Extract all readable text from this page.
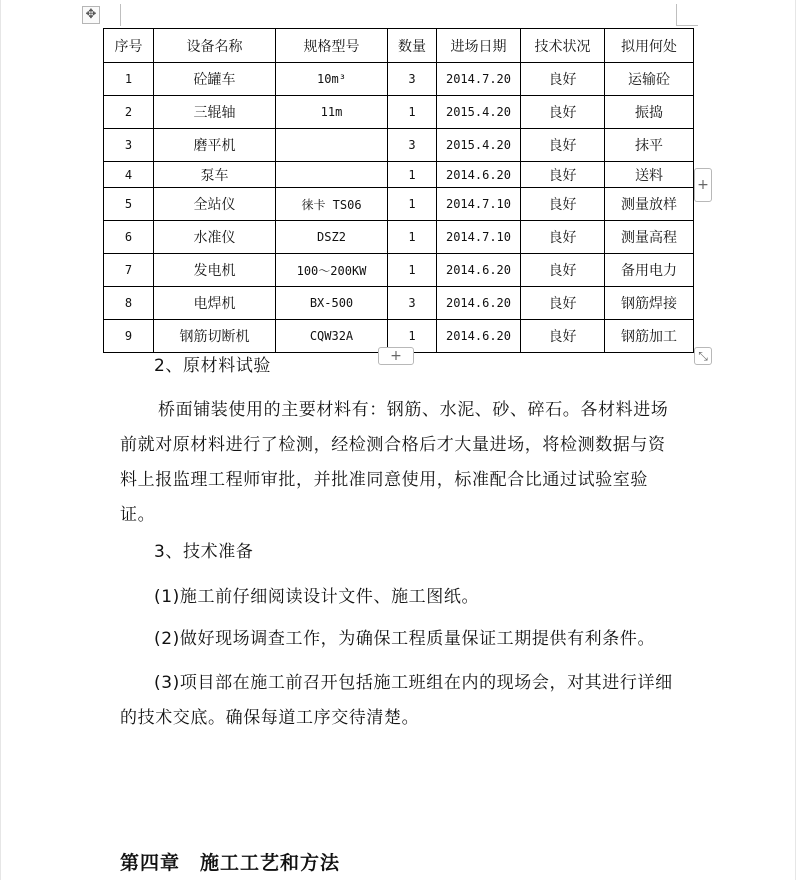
✥
序号	设备名称	规格型号	数量	进场日期	技术状况	拟用何处
1	砼罐车	10m³	3	2014.7.20	良好	运输砼
2	三辊轴	11m	1	2015.4.20	良好	振捣
3	磨平机		3	2015.4.20	良好	抹平
4	泵车		1	2014.6.20	良好	送料
5	全站仪	徕卡 TS06	1	2014.7.10	良好	测量放样
6	水准仪	DSZ2	1	2014.7.10	良好	测量高程
7	发电机	100～200KW	1	2014.6.20	良好	备用电力
8	电焊机	BX-500	3	2014.6.20	良好	钢筋焊接
9	钢筋切断机	CQW32A	1	2014.6.20	良好	钢筋加工
+
+	⤡

2、原材料试验

桥面铺装使用的主要材料有：钢筋、水泥、砂、碎石。各材料进场前就对原材料进行了检测，经检测合格后才大量进场，将检测数据与资料上报监理工程师审批，并批准同意使用，标准配合比通过试验室验证。

3、技术准备

(1)施工前仔细阅读设计文件、施工图纸。

(2)做好现场调查工作，为确保工程质量保证工期提供有利条件。

(3)项目部在施工前召开包括施工班组在内的现场会，对其进行详细的技术交底。确保每道工序交待清楚。

第四章　施工工艺和方法
